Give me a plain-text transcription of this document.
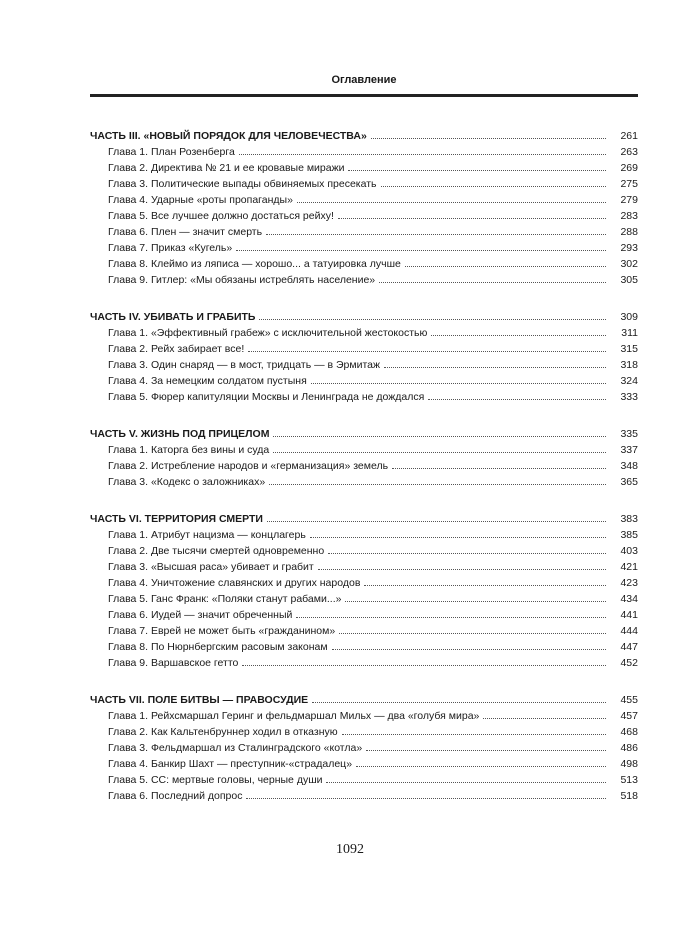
Оглавление
ЧАСТЬ III. «НОВЫЙ ПОРЯДОК ДЛЯ ЧЕЛОВЕЧЕСТВА»	261
Глава 1. План Розенберга	263
Глава 2. Директива № 21 и ее кровавые миражи	269
Глава 3. Политические выпады обвиняемых пресекать	275
Глава 4. Ударные «роты пропаганды»	279
Глава 5. Все лучшее должно достаться рейху!	283
Глава 6. Плен — значит смерть	288
Глава 7. Приказ «Кугель»	293
Глава 8. Клеймо из ляписа — хорошо... а татуировка лучше	302
Глава 9. Гитлер: «Мы обязаны истреблять население»	305
ЧАСТЬ IV. УБИВАТЬ И ГРАБИТЬ	309
Глава 1. «Эффективный грабеж» с исключительной жестокостью	311
Глава 2. Рейх забирает все!	315
Глава 3. Один снаряд — в мост, тридцать — в Эрмитаж	318
Глава 4. За немецким солдатом пустыня	324
Глава 5. Фюрер капитуляции Москвы и Ленинграда не дождался	333
ЧАСТЬ V. ЖИЗНЬ ПОД ПРИЦЕЛОМ	335
Глава 1. Каторга без вины и суда	337
Глава 2. Истребление народов и «германизация» земель	348
Глава 3. «Кодекс о заложниках»	365
ЧАСТЬ VI. ТЕРРИТОРИЯ СМЕРТИ	383
Глава 1. Атрибут нацизма — концлагерь	385
Глава 2. Две тысячи смертей одновременно	403
Глава 3. «Высшая раса» убивает и грабит	421
Глава 4. Уничтожение славянских и других народов	423
Глава 5. Ганс Франк: «Поляки станут рабами...»	434
Глава 6. Иудей — значит обреченный	441
Глава 7. Еврей не может быть «гражданином»	444
Глава 8. По Нюрнбергским расовым законам	447
Глава 9. Варшавское гетто	452
ЧАСТЬ VII. ПОЛЕ БИТВЫ — ПРАВОСУДИЕ	455
Глава 1. Рейхсмаршал Геринг и фельдмаршал Мильх — два «голубя мира»	457
Глава 2. Как Кальтенбруннер ходил в отказную	468
Глава 3. Фельдмаршал из Сталинградского «котла»	486
Глава 4. Банкир Шахт — преступник-«страдалец»	498
Глава 5. СС: мертвые головы, черные души	513
Глава 6. Последний допрос	518
1092
